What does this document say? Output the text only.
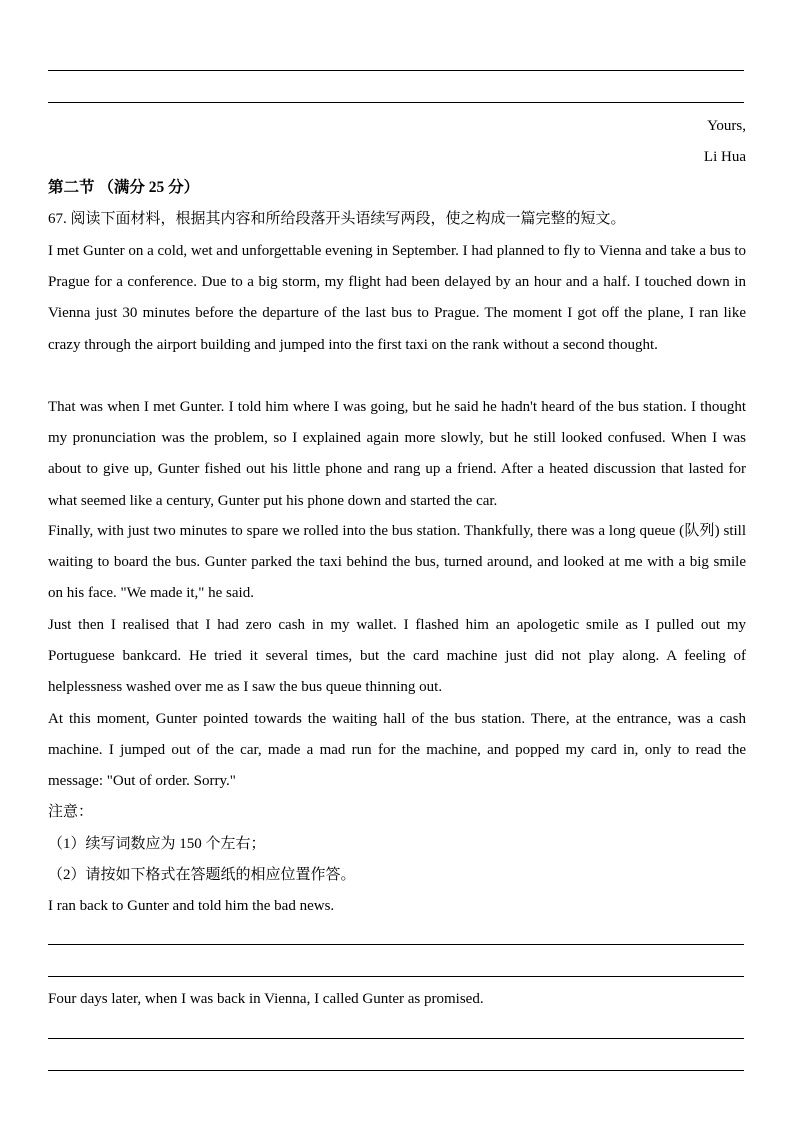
Yours,
Li Hua
第二节 （满分 25 分）
67. 阅读下面材料，根据其内容和所给段落开头语续写两段，使之构成一篇完整的短文。
I met Gunter on a cold, wet and unforgettable evening in September. I had planned to fly to Vienna and take a bus to Prague for a conference. Due to a big storm, my flight had been delayed by an hour and a half. I touched down in Vienna just 30 minutes before the departure of the last bus to Prague. The moment I got off the plane, I ran like crazy through the airport building and jumped into the first taxi on the rank without a second thought.
That was when I met Gunter. I told him where I was going, but he said he hadn't heard of the bus station. I thought my pronunciation was the problem, so I explained again more slowly, but he still looked confused. When I was about to give up, Gunter fished out his little phone and rang up a friend. After a heated discussion that lasted for what seemed like a century, Gunter put his phone down and started the car.
Finally, with just two minutes to spare we rolled into the bus station. Thankfully, there was a long queue (队列) still waiting to board the bus. Gunter parked the taxi behind the bus, turned around, and looked at me with a big smile on his face. "We made it," he said.
Just then I realised that I had zero cash in my wallet. I flashed him an apologetic smile as I pulled out my Portuguese bankcard. He tried it several times, but the card machine just did not play along. A feeling of helplessness washed over me as I saw the bus queue thinning out.
At this moment, Gunter pointed towards the waiting hall of the bus station. There, at the entrance, was a cash machine. I jumped out of the car, made a mad run for the machine, and popped my card in, only to read the message: "Out of order. Sorry."
注意：
（1）续写词数应为 150 个左右；
（2）请按如下格式在答题纸的相应位置作答。
I ran back to Gunter and told him the bad news.
Four days later, when I was back in Vienna, I called Gunter as promised.
